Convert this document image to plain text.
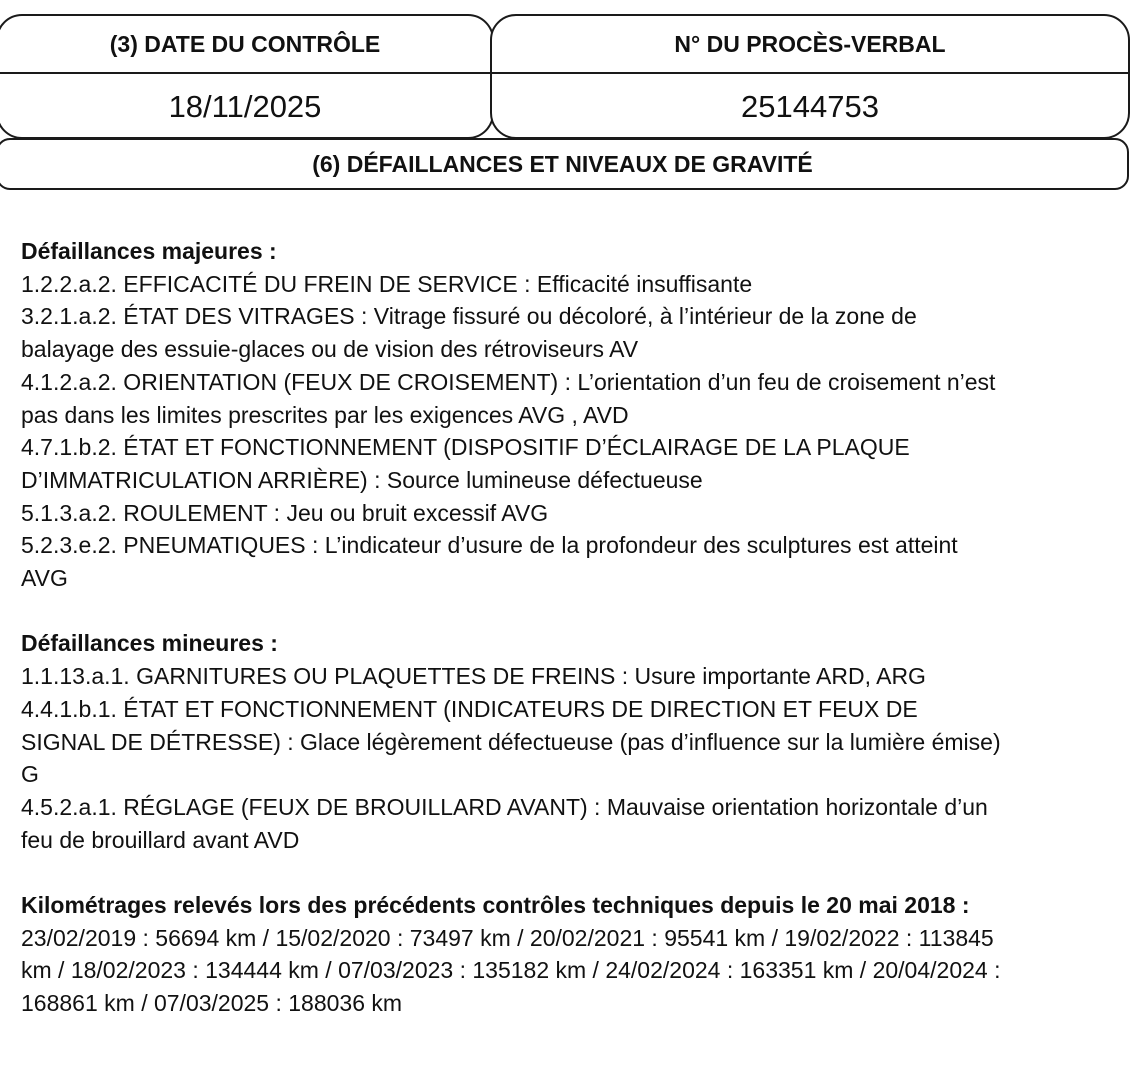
(3) DATE DU CONTRÔLE
18/11/2025
N° DU PROCÈS-VERBAL
25144753
(6) DÉFAILLANCES ET NIVEAUX DE GRAVITÉ
Défaillances majeures :
1.2.2.a.2. EFFICACITÉ DU FREIN DE SERVICE : Efficacité insuffisante
3.2.1.a.2. ÉTAT DES VITRAGES : Vitrage fissuré ou décoloré, à l’intérieur de la zone de balayage des essuie-glaces ou de vision des rétroviseurs AV
4.1.2.a.2. ORIENTATION (FEUX DE CROISEMENT) : L’orientation d’un feu de croisement n’est pas dans les limites prescrites par les exigences AVG , AVD
4.7.1.b.2. ÉTAT ET FONCTIONNEMENT (DISPOSITIF D’ÉCLAIRAGE DE LA PLAQUE D’IMMATRICULATION ARRIÈRE) : Source lumineuse défectueuse
5.1.3.a.2. ROULEMENT : Jeu ou bruit excessif AVG
5.2.3.e.2. PNEUMATIQUES : L’indicateur d’usure de la profondeur des sculptures est atteint AVG
Défaillances mineures :
1.1.13.a.1. GARNITURES OU PLAQUETTES DE FREINS : Usure importante ARD, ARG
4.4.1.b.1. ÉTAT ET FONCTIONNEMENT (INDICATEURS DE DIRECTION ET FEUX DE SIGNAL DE DÉTRESSE) : Glace légèrement défectueuse (pas d’influence sur la lumière émise) G
4.5.2.a.1. RÉGLAGE (FEUX DE BROUILLARD AVANT) : Mauvaise orientation horizontale d’un feu de brouillard avant AVD
Kilométrages relevés lors des précédents contrôles techniques depuis le 20 mai 2018 : 23/02/2019 : 56694 km / 15/02/2020 : 73497 km / 20/02/2021 : 95541 km / 19/02/2022 : 113845 km / 18/02/2023 : 134444 km / 07/03/2023 : 135182 km / 24/02/2024 : 163351 km / 20/04/2024 : 168861 km / 07/03/2025 : 188036 km
